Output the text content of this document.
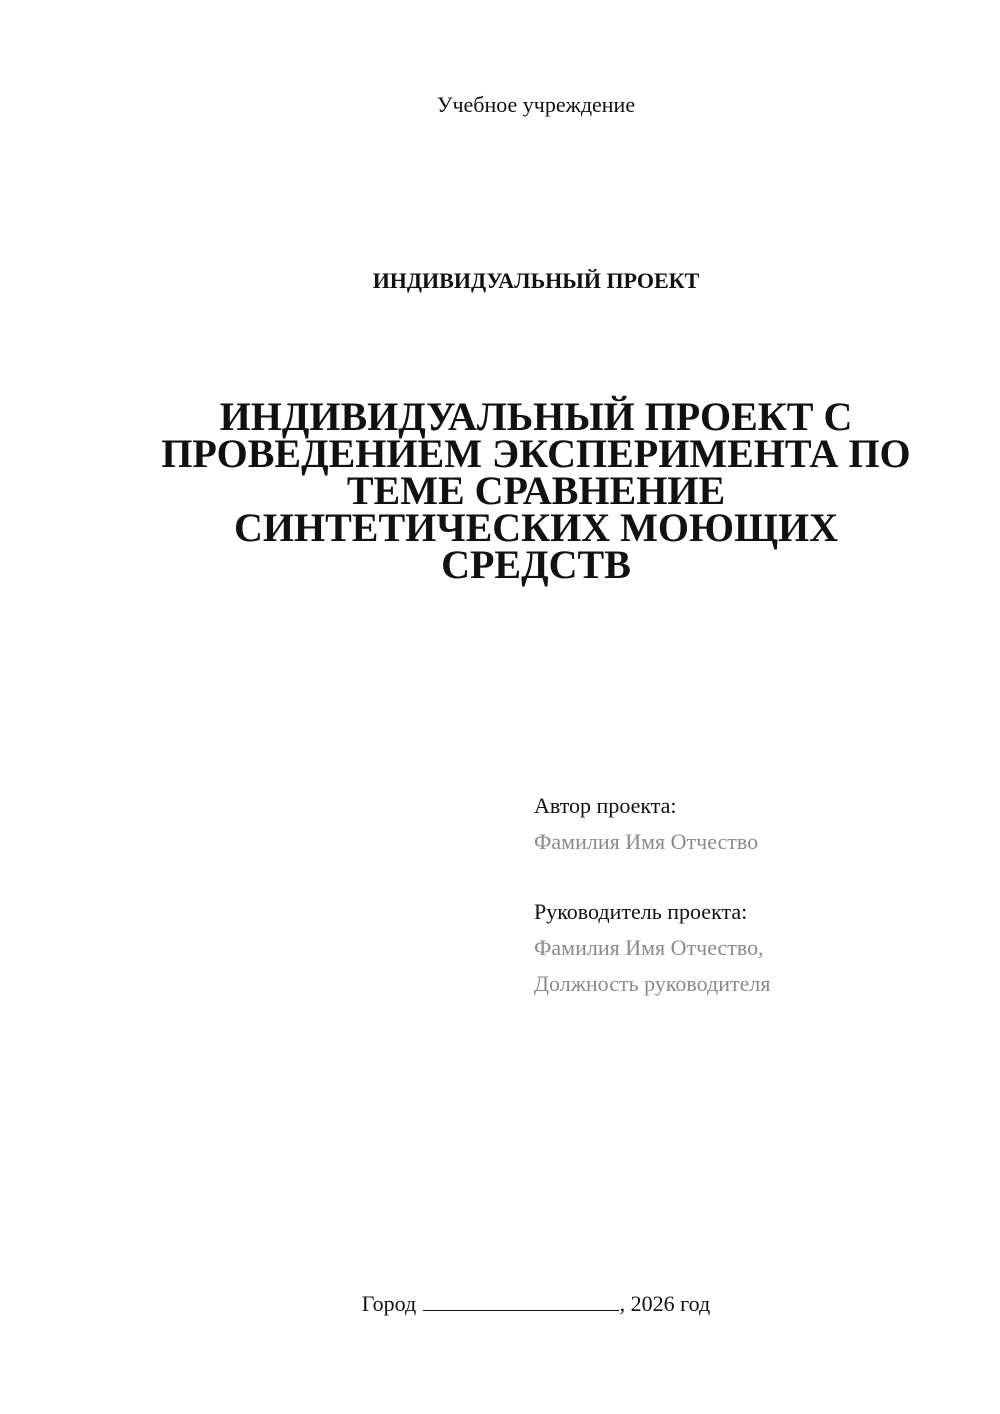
Учебное учреждение
ИНДИВИДУАЛЬНЫЙ ПРОЕКТ
ИНДИВИДУАЛЬНЫЙ ПРОЕКТ С ПРОВЕДЕНИЕМ ЭКСПЕРИМЕНТА ПО ТЕМЕ СРАВНЕНИЕ СИНТЕТИЧЕСКИХ МОЮЩИХ СРЕДСТВ
Автор проекта:
Фамилия Имя Отчество
Руководитель проекта:
Фамилия Имя Отчество,
Должность руководителя
Город	, 2026 год
